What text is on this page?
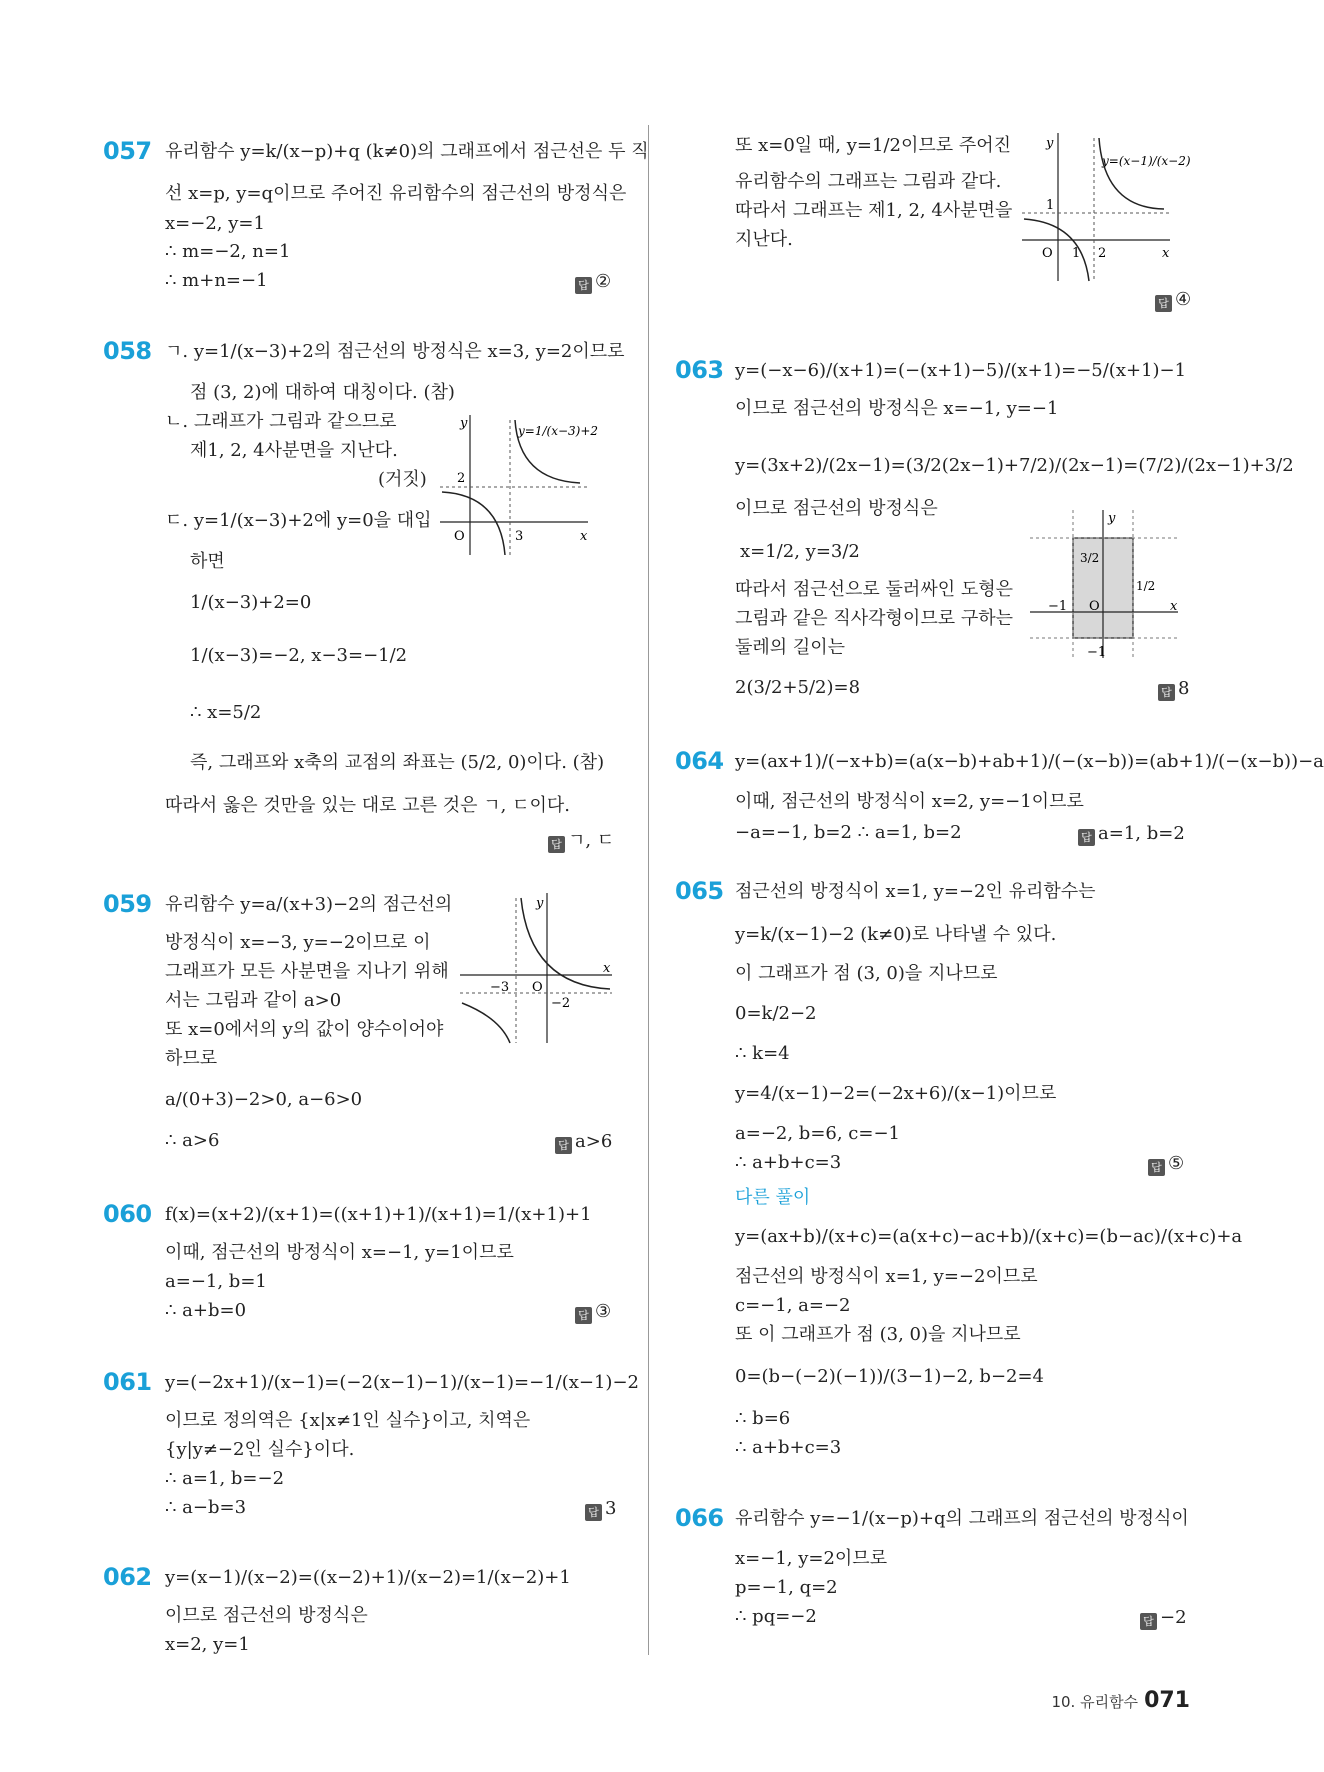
057 유리함수 y=k/(x−p)+q (k≠0)의 그래프에서 점근선은 두 직
선 x=p, y=q이므로 주어진 유리함수의 점근선의 방정식은
x=−2, y=1
∴ m=−2, n=1
∴ m+n=−1	답 ②
058 ㄱ. y=1/(x−3)+2의 점근선의 방정식은 x=3, y=2이므로
점 (3, 2)에 대하여 대칭이다. (참)
ㄴ. 그래프가 그림과 같으므로
제1, 2, 4사분면을 지난다.
(거짓)
ㄷ. y=1/(x−3)+2에 y=0을 대입
하면
1/(x−3)+2=0
1/(x−3)=−2, x−3=−1/2
∴ x=5/2
즉, 그래프와 x축의 교점의 좌표는 (5/2, 0)이다. (참)
따라서 옳은 것만을 있는 대로 고른 것은 ㄱ, ㄷ이다.
답 ㄱ, ㄷ
y
x
O
2
3
y=1/(x−3)+2
059 유리함수 y=a/(x+3)−2의 점근선의
방정식이 x=−3, y=−2이므로 이
그래프가 모든 사분면을 지나기 위해
서는 그림과 같이 a>0
또 x=0에서의 y의 값이 양수이어야
하므로
a/(0+3)−2>0, a−6>0
∴ a>6	답 a>6
y
x
O
−3
−2
060 f(x)=(x+2)/(x+1)=((x+1)+1)/(x+1)=1/(x+1)+1
이때, 점근선의 방정식이 x=−1, y=1이므로
a=−1, b=1
∴ a+b=0	답 ③
061 y=(−2x+1)/(x−1)=(−2(x−1)−1)/(x−1)=−1/(x−1)−2
이므로 정의역은 {x|x≠1인 실수}이고, 치역은
{y|y≠−2인 실수}이다.
∴ a=1, b=−2
∴ a−b=3	답 3
062 y=(x−1)/(x−2)=((x−2)+1)/(x−2)=1/(x−2)+1
이므로 점근선의 방정식은
x=2, y=1
또 x=0일 때, y=1/2이므로 주어진
유리함수의 그래프는 그림과 같다.
따라서 그래프는 제1, 2, 4사분면을
지난다.
답 ④
y
x
O
1
1 2
y=(x−1)/(x−2)
063 y=(−x−6)/(x+1)=(−(x+1)−5)/(x+1)=−5/(x+1)−1
이므로 점근선의 방정식은 x=−1, y=−1
y=(3x+2)/(2x−1)=(3/2(2x−1)+7/2)/(2x−1)=(7/2)/(2x−1)+3/2
이므로 점근선의 방정식은
x=1/2, y=3/2
따라서 점근선으로 둘러싸인 도형은
그림과 같은 직사각형이므로 구하는
둘레의 길이는
2(3/2+5/2)=8	답 8
y
x
O
−1
−1
3/2
1/2
064 y=(ax+1)/(−x+b)=(a(x−b)+ab+1)/(−(x−b))=(ab+1)/(−(x−b))−a
이때, 점근선의 방정식이 x=2, y=−1이므로
−a=−1, b=2 ∴ a=1, b=2	답 a=1, b=2
065 점근선의 방정식이 x=1, y=−2인 유리함수는
y=k/(x−1)−2 (k≠0)로 나타낼 수 있다.
이 그래프가 점 (3, 0)을 지나므로
0=k/2−2
∴ k=4
y=4/(x−1)−2=(−2x+6)/(x−1)이므로
a=−2, b=6, c=−1
∴ a+b+c=3	답 ⑤
다른 풀이
y=(ax+b)/(x+c)=(a(x+c)−ac+b)/(x+c)=(b−ac)/(x+c)+a
점근선의 방정식이 x=1, y=−2이므로
c=−1, a=−2
또 이 그래프가 점 (3, 0)을 지나므로
0=(b−(−2)(−1))/(3−1)−2, b−2=4
∴ b=6
∴ a+b+c=3
066 유리함수 y=−1/(x−p)+q의 그래프의 점근선의 방정식이
x=−1, y=2이므로
p=−1, q=2
∴ pq=−2	답 −2
10. 유리함수 071
